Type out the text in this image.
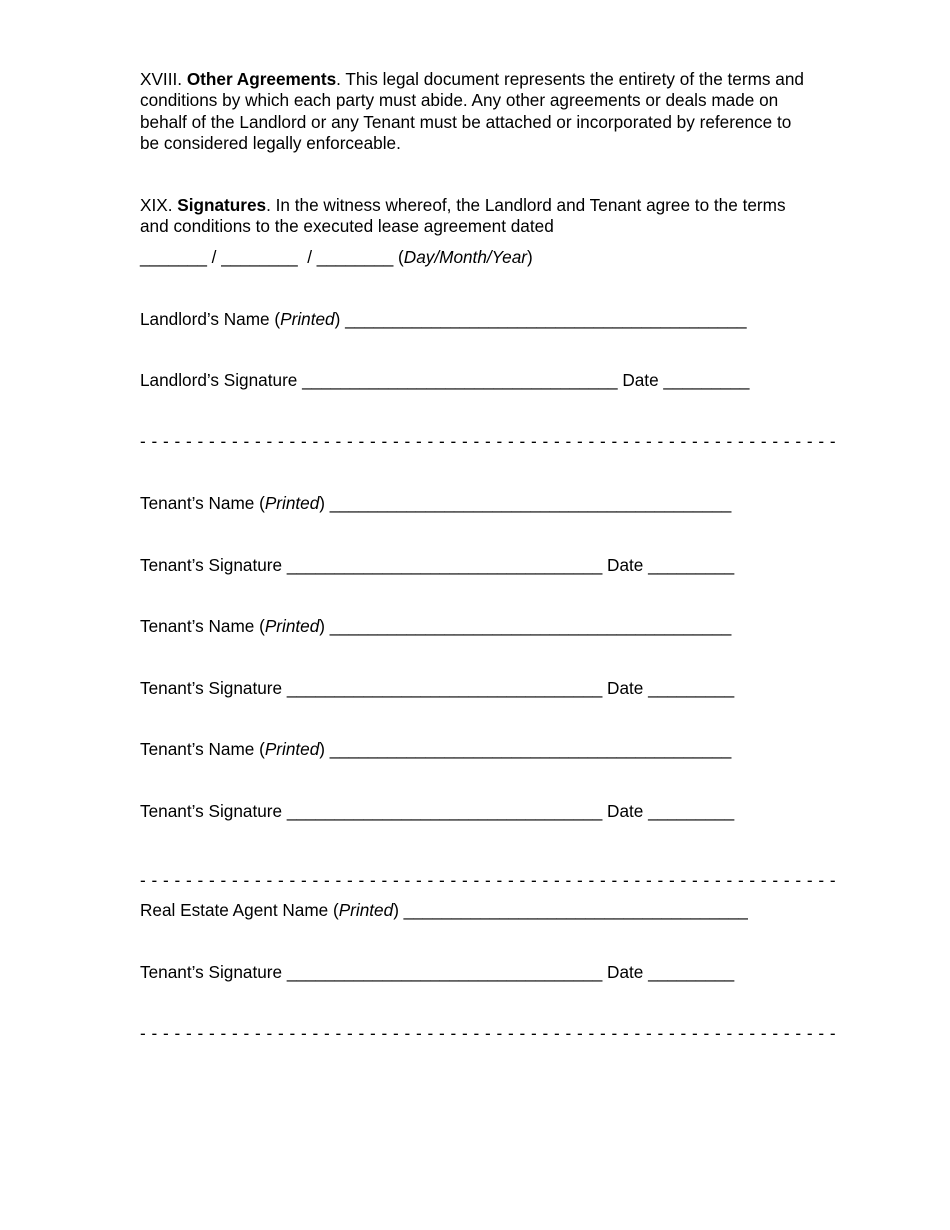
XVIII. Other Agreements. This legal document represents the entirety of the terms and conditions by which each party must abide. Any other agreements or deals made on behalf of the Landlord or any Tenant must be attached or incorporated by reference to be considered legally enforceable.

XIX. Signatures. In the witness whereof, the Landlord and Tenant agree to the terms and conditions to the executed lease agreement dated

_______ / ________  / ________ (Day/Month/Year)
Landlord’s Name (Printed) __________________________________________
Landlord’s Signature _________________________________ Date _________
- - - - - - - - - - - - - - - - - - - - - - - - - - - - - - - - - - - - - - - - - - - - - - - - - - - - - - - - - - - - -
Tenant’s Name (Printed) __________________________________________
Tenant’s Signature _________________________________ Date _________
Tenant’s Name (Printed) __________________________________________
Tenant’s Signature _________________________________ Date _________
Tenant’s Name (Printed) __________________________________________
Tenant’s Signature _________________________________ Date _________
- - - - - - - - - - - - - - - - - - - - - - - - - - - - - - - - - - - - - - - - - - - - - - - - - - - - - - - - - - - - -
Real Estate Agent Name (Printed) ____________________________________
Tenant’s Signature _________________________________ Date _________
- - - - - - - - - - - - - - - - - - - - - - - - - - - - - - - - - - - - - - - - - - - - - - - - - - - - - - - - - - - - -
